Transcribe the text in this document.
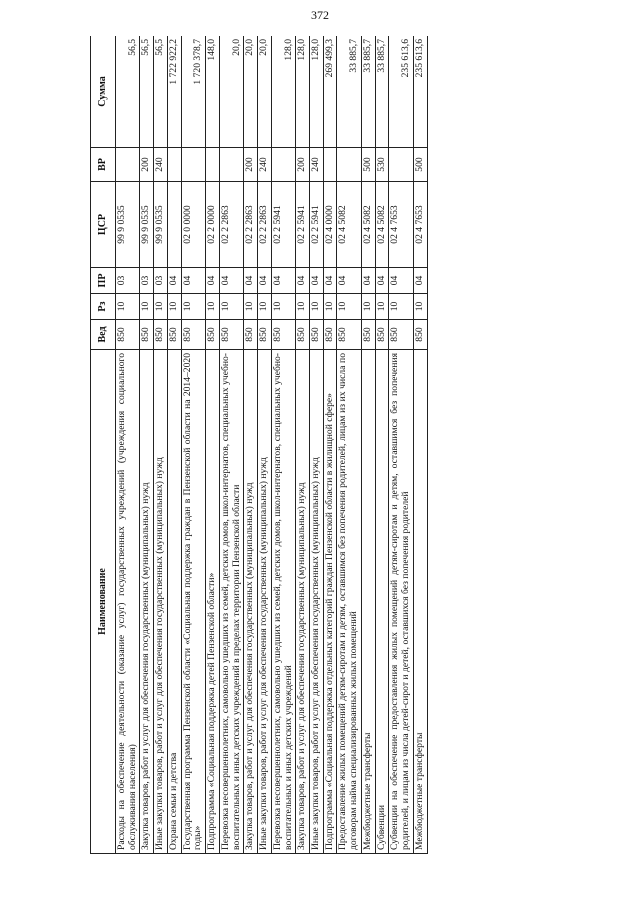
372
Наименование	Вед	Рз	ПР	ЦСР	ВР	Сумма
Расходы на обеспечение деятельности (оказание услуг) государственных учреждений (учреждения социального обслуживания населения)	850	10	03	99 9 0535		56,5
Закупка товаров, работ и услуг для обеспечения государственных (муниципальных) нужд	850	10	03	99 9 0535	200	56,5
Иные закупки товаров, работ и услуг для обеспечения государственных (муниципальных) нужд	850	10	03	99 9 0535	240	56,5
Охрана семьи и детства	850	10	04			1 722 922,2
Государственная программа Пензенской области «Социальная поддержка граждан в Пензенской области на 2014–2020 годы»	850	10	04	02 0 0000		1 720 378,7
Подпрограмма «Социальная поддержка детей Пензенской области»	850	10	04	02 2 0000		148,0
Перевозка несовершеннолетних, самовольно ушедших из семей, детских домов, школ-интернатов, специальных учебно-воспитательных и иных детских учреждений в пределах территории Пензенской области	850	10	04	02 2 2863		20,0
Закупка товаров, работ и услуг для обеспечения государственных (муниципальных) нужд	850	10	04	02 2 2863	200	20,0
Иные закупки товаров, работ и услуг для обеспечения государственных (муниципальных) нужд	850	10	04	02 2 2863	240	20,0
Перевозка несовершеннолетних, самовольно ушедших из семей, детских домов, школ-интернатов, специальных учебно-воспитательных и иных детских учреждений	850	10	04	02 2 5941		128,0
Закупка товаров, работ и услуг для обеспечения государственных (муниципальных) нужд	850	10	04	02 2 5941	200	128,0
Иные закупки товаров, работ и услуг для обеспечения государственных (муниципальных) нужд	850	10	04	02 2 5941	240	128,0
Подпрограмма «Социальная поддержка отдельных категорий граждан Пензенской области в жилищной сфере»	850	10	04	02 4 0000		269 499,3
Предоставление жилых помещений детям-сиротам и детям, оставшимся без попечения родителей, лицам из их числа по договорам найма специализированных жилых помещений	850	10	04	02 4 5082		33 885,7
Межбюджетные трансферты	850	10	04	02 4 5082	500	33 885,7
Субвенции	850	10	04	02 4 5082	530	33 885,7
Субвенции на обеспечение предоставления жилых помещений детям-сиротам и детям, оставшимся без попечения родителей, и лицам из числа детей-сирот и детей, оставшихся без попечения родителей	850	10	04	02 4 7653		235 613,6
Межбюджетные трансферты	850	10	04	02 4 7653	500	235 613,6
